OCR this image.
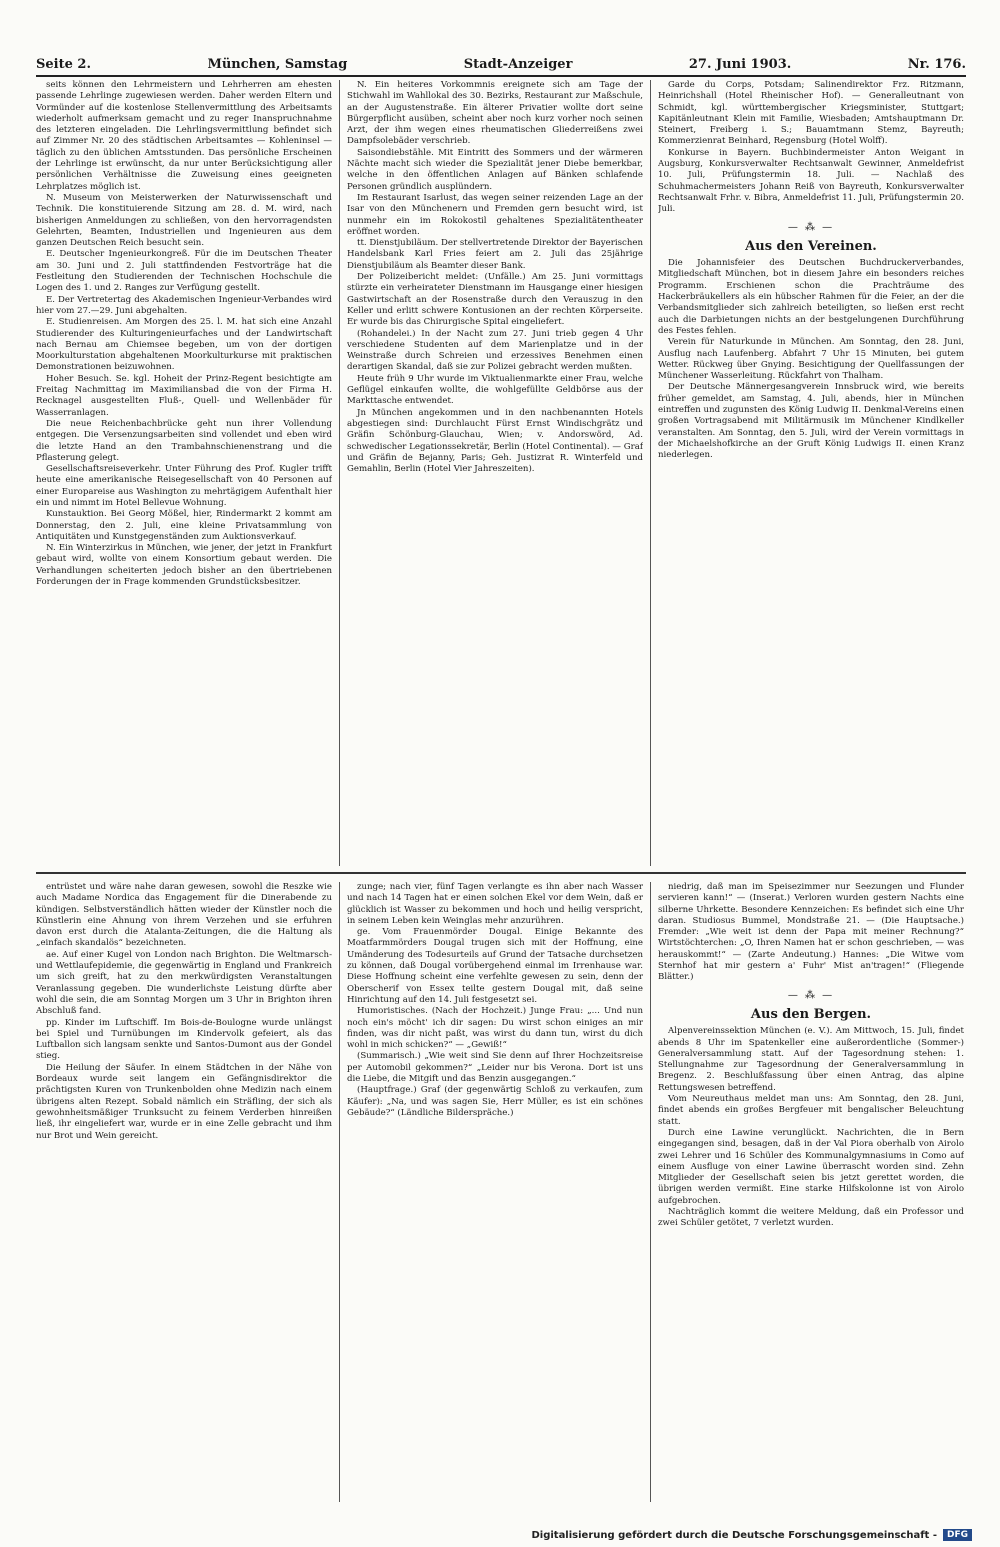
Seite 2.	München, Samstag	Stadt-Anzeiger	27. Juni 1903.	Nr. 176.

seits können den Lehrmeistern und Lehrherren am ehesten passende Lehrlinge zugewiesen werden. Daher werden Eltern und Vormünder auf die kostenlose Stellenvermittlung des Arbeitsamts wiederholt aufmerksam gemacht und zu reger Inanspruchnahme des letzteren eingeladen. Die Lehrlingsvermittlung befindet sich auf Zimmer Nr. 20 des städtischen Arbeitsamtes — Kohleninsel — täglich zu den üblichen Amtsstunden. Das persönliche Erscheinen der Lehrlinge ist erwünscht, da nur unter Berücksichtigung aller persönlichen Verhältnisse die Zuweisung eines geeigneten Lehrplatzes möglich ist.

N. Museum von Meisterwerken der Naturwissenschaft und Technik. Die konstituierende Sitzung am 28. d. M. wird, nach bisherigen Anmeldungen zu schließen, von den hervorragendsten Gelehrten, Beamten, Industriellen und Ingenieuren aus dem ganzen Deutschen Reich besucht sein.

E. Deutscher Ingenieurkongreß. Für die im Deutschen Theater am 30. Juni und 2. Juli stattfindenden Festvorträge hat die Festleitung den Studierenden der Technischen Hochschule die Logen des 1. und 2. Ranges zur Verfügung gestellt.

E. Der Vertretertag des Akademischen Ingenieur-Verbandes wird hier vom 27.—29. Juni abgehalten.

E. Studienreisen. Am Morgen des 25. l. M. hat sich eine Anzahl Studierender des Kulturingenieurfaches und der Landwirtschaft nach Bernau am Chiemsee begeben, um von der dortigen Moorkulturstation abgehaltenen Moorkulturkurse mit praktischen Demonstrationen beizuwohnen.

Hoher Besuch. Se. kgl. Hoheit der Prinz-Regent besichtigte am Freitag Nachmittag im Maximiliansbad die von der Firma H. Recknagel ausgestellten Fluß-, Quell- und Wellenbäder für Wasserranlagen.

Die neue Reichenbachbrücke geht nun ihrer Vollendung entgegen. Die Versenzungsarbeiten sind vollendet und eben wird die letzte Hand an den Trambahnschienenstrang und die Pflasterung gelegt.

Gesellschaftsreiseverkehr. Unter Führung des Prof. Kugler trifft heute eine amerikanische Reisegesellschaft von 40 Personen auf einer Europareise aus Washington zu mehrtägigem Aufenthalt hier ein und nimmt im Hotel Bellevue Wohnung.

Kunstauktion. Bei Georg Mößel, hier, Rindermarkt 2 kommt am Donnerstag, den 2. Juli, eine kleine Privatsammlung von Antiquitäten und Kunstgegenständen zum Auktionsverkauf.

N. Ein Winterzirkus in München, wie jener, der jetzt in Frankfurt gebaut wird, wollte von einem Konsortium gebaut werden. Die Verhandlungen scheiterten jedoch bisher an den übertriebenen Forderungen der in Frage kommenden Grundstücksbesitzer.

N. Ein heiteres Vorkommnis ereignete sich am Tage der Stichwahl im Wahllokal des 30. Bezirks, Restaurant zur Maßschule, an der Augustenstraße. Ein älterer Privatier wollte dort seine Bürgerpflicht ausüben, scheint aber noch kurz vorher noch seinen Arzt, der ihm wegen eines rheumatischen Gliederreißens zwei Dampfsolebäder verschrieb.

Saisondiebstähle. Mit Eintritt des Sommers und der wärmeren Nächte macht sich wieder die Spezialität jener Diebe bemerkbar, welche in den öffentlichen Anlagen auf Bänken schlafende Personen gründlich ausplündern.

Im Restaurant Isarlust, das wegen seiner reizenden Lage an der Isar von den Münchenern und Fremden gern besucht wird, ist nunmehr ein im Rokokostil gehaltenes Spezialitätentheater eröffnet worden.

tt. Dienstjubiläum. Der stellvertretende Direktor der Bayerischen Handelsbank Karl Fries feiert am 2. Juli das 25jährige Dienstjubiläum als Beamter dieser Bank.

Der Polizeibericht meldet: (Unfälle.) Am 25. Juni vormittags stürzte ein verheirateter Dienstmann im Hausgange einer hiesigen Gastwirtschaft an der Rosenstraße durch den Verauszug in den Keller und erlitt schwere Kontusionen an der rechten Körperseite. Er wurde bis das Chirurgische Spital eingeliefert.

(Rohandelei.) In der Nacht zum 27. Juni trieb gegen 4 Uhr verschiedene Studenten auf dem Marienplatze und in der Weinstraße durch Schreien und erzessives Benehmen einen derartigen Skandal, daß sie zur Polizei gebracht werden mußten.

Heute früh 9 Uhr wurde im Viktualienmarkte einer Frau, welche Geflügel einkaufen wollte, die wohlgefüllte Geldbörse aus der Markttasche entwendet.

Jn München angekommen und in den nachbenannten Hotels abgestiegen sind: Durchlaucht Fürst Ernst Windischgrätz und Gräfin Schönburg-Glauchau, Wien; v. Andorswörd, Ad. schwedischer Legationssekretär, Berlin (Hotel Continental). — Graf und Gräfin de Bejanny, Paris; Geh. Justizrat R. Winterfeld und Gemahlin, Berlin (Hotel Vier Jahreszeiten).

Garde du Corps, Potsdam; Salinendirektor Frz. Ritzmann, Heinrichshall (Hotel Rheinischer Hof). — Generalleutnant von Schmidt, kgl. württembergischer Kriegsminister, Stuttgart; Kapitänleutnant Klein mit Familie, Wiesbaden; Amtshauptmann Dr. Steinert, Freiberg i. S.; Bauamtmann Stemz, Bayreuth; Kommerzienrat Beinhard, Regensburg (Hotel Wolff).

Konkurse in Bayern. Buchbindermeister Anton Weigant in Augsburg, Konkursverwalter Rechtsanwalt Gewinner, Anmeldefrist 10. Juli, Prüfungstermin 18. Juli. — Nachlaß des Schuhmachermeisters Johann Reiß von Bayreuth, Konkursverwalter Rechtsanwalt Frhr. v. Bibra, Anmeldefrist 11. Juli, Prüfungstermin 20. Juli.

— ⁂ —
Aus den Vereinen.

Die Johannisfeier des Deutschen Buchdruckerverbandes, Mitgliedschaft München, bot in diesem Jahre ein besonders reiches Programm. Erschienen schon die Prachträume des Hackerbräukellers als ein hübscher Rahmen für die Feier, an der die Verbandsmitglieder sich zahlreich beteiligten, so ließen erst recht auch die Darbietungen nichts an der bestgelungenen Durchführung des Festes fehlen.

Verein für Naturkunde in München. Am Sonntag, den 28. Juni, Ausflug nach Laufenberg. Abfahrt 7 Uhr 15 Minuten, bei gutem Wetter. Rückweg über Gnying. Besichtigung der Quellfassungen der Münchener Wasserleitung. Rückfahrt von Thalham.

Der Deutsche Männergesangverein Innsbruck wird, wie bereits früher gemeldet, am Samstag, 4. Juli, abends, hier in München eintreffen und zugunsten des König Ludwig II. Denkmal-Vereins einen großen Vortragsabend mit Militärmusik im Münchener Kindlkeller veranstalten. Am Sonntag, den 5. Juli, wird der Verein vormittags in der Michaelshofkirche an der Gruft König Ludwigs II. einen Kranz niederlegen.

entrüstet und wäre nahe daran gewesen, sowohl die Reszke wie auch Madame Nordica das Engagement für die Dinerabende zu kündigen. Selbstverständlich hätten wieder der Künstler noch die Künstlerin eine Ahnung von ihrem Verzehen und sie erfuhren davon erst durch die Atalanta-Zeitungen, die die Haltung als „einfach skandalös“ bezeichneten.

ae. Auf einer Kugel von London nach Brighton. Die Weltmarsch- und Wettlaufepidemie, die gegenwärtig in England und Frankreich um sich greift, hat zu den merkwürdigsten Veranstaltungen Veranlassung gegeben. Die wunderlichste Leistung dürfte aber wohl die sein, die am Sonntag Morgen um 3 Uhr in Brighton ihren Abschluß fand.

pp. Kinder im Luftschiff. Im Bois-de-Boulogne wurde unlängst bei Spiel und Turnübungen im Kindervolk gefeiert, als das Luftballon sich langsam senkte und Santos-Dumont aus der Gondel stieg.

Die Heilung der Säufer. In einem Städtchen in der Nähe von Bordeaux wurde seit langem ein Gefängnisdirektor die prächtigsten Kuren von Trunkenbolden ohne Medizin nach einem übrigens alten Rezept. Sobald nämlich ein Sträfling, der sich als gewohnheitsmäßiger Trunksucht zu feinem Verderben hinreißen ließ, ihr eingeliefert war, wurde er in eine Zelle gebracht und ihm nur Brot und Wein gereicht.

zunge; nach vier, fünf Tagen verlangte es ihn aber nach Wasser und nach 14 Tagen hat er einen solchen Ekel vor dem Wein, daß er glücklich ist Wasser zu bekommen und hoch und heilig verspricht, in seinem Leben kein Weinglas mehr anzurühren.

ge. Vom Frauenmörder Dougal. Einige Bekannte des Moatfarmmörders Dougal trugen sich mit der Hoffnung, eine Umänderung des Todesurteils auf Grund der Tatsache durchsetzen zu können, daß Dougal vorübergehend einmal im Irrenhause war. Diese Hoffnung scheint eine verfehlte gewesen zu sein, denn der Oberscherif von Essex teilte gestern Dougal mit, daß seine Hinrichtung auf den 14. Juli festgesetzt sei.

Humoristisches. (Nach der Hochzeit.) Junge Frau: „... Und nun noch ein's möcht' ich dir sagen: Du wirst schon einiges an mir finden, was dir nicht paßt, was wirst du dann tun, wirst du dich wohl in mich schicken?“ — „Gewiß!“

(Summarisch.) „Wie weit sind Sie denn auf Ihrer Hochzeitsreise per Automobil gekommen?“ „Leider nur bis Verona. Dort ist uns die Liebe, die Mitgift und das Benzin ausgegangen.“

(Hauptfrage.) Graf (der gegenwärtig Schloß zu verkaufen, zum Käufer): „Na, und was sagen Sie, Herr Müller, es ist ein schönes Gebäude?“ (Ländliche Bilderspräche.)

niedrig, daß man im Speisezimmer nur Seezungen und Flunder servieren kann!“ — (Inserat.) Verloren wurden gestern Nachts eine silberne Uhrkette. Besondere Kennzeichen: Es befindet sich eine Uhr daran. Studiosus Bummel, Mondstraße 21. — (Die Hauptsache.) Fremder: „Wie weit ist denn der Papa mit meiner Rechnung?“ Wirtstöchterchen: „O, Ihren Namen hat er schon geschrieben, — was herauskommt!“ — (Zarte Andeutung.) Hannes: „Die Witwe vom Sternhof hat mir gestern a' Fuhr' Mist an'tragen!“ (Fliegende Blätter.)

— ⁂ —
Aus den Bergen.

Alpenvereinssektion München (e. V.). Am Mittwoch, 15. Juli, findet abends 8 Uhr im Spatenkeller eine außerordentliche (Sommer-) Generalversammlung statt. Auf der Tagesordnung stehen: 1. Stellungnahme zur Tagesordnung der Generalversammlung in Bregenz. 2. Beschlußfassung über einen Antrag, das alpine Rettungswesen betreffend.

Vom Neureuthaus meldet man uns: Am Sonntag, den 28. Juni, findet abends ein großes Bergfeuer mit bengalischer Beleuchtung statt.

Durch eine Lawine verunglückt. Nachrichten, die in Bern eingegangen sind, besagen, daß in der Val Piora oberhalb von Airolo zwei Lehrer und 16 Schüler des Kommunalgymnasiums in Como auf einem Ausfluge von einer Lawine überrascht worden sind. Zehn Mitglieder der Gesellschaft seien bis jetzt gerettet worden, die übrigen werden vermißt. Eine starke Hilfskolonne ist von Airolo aufgebrochen.

Nachträglich kommt die weitere Meldung, daß ein Professor und zwei Schüler getötet, 7 verletzt wurden.

Digitalisierung gefördert durch die Deutsche Forschungsgemeinschaft -	DFG
